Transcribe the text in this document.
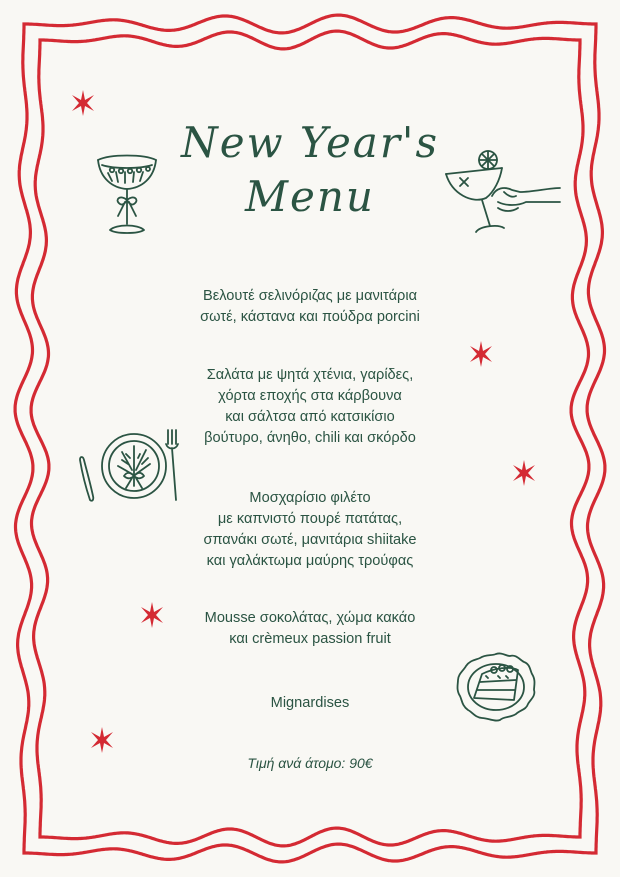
New Year's
Menu
Βελουτέ σελινόριζας με μανιτάρια
σωτέ, κάστανα και πούδρα porcini
Σαλάτα με ψητά χτένια, γαρίδες,
χόρτα εποχής στα κάρβουνα
και σάλτσα από κατσικίσιο
βούτυρο, άνηθο, chili και σκόρδο
Μοσχαρίσιο φιλέτο
με καπνιστό πουρέ πατάτας,
σπανάκι σωτέ, μανιτάρια shiitake
και γαλάκτωμα μαύρης τρούφας
Mousse σοκολάτας, χώμα κακάο
και crèmeux passion fruit
Mignardises
Τιμή ανά άτομο: 90€
